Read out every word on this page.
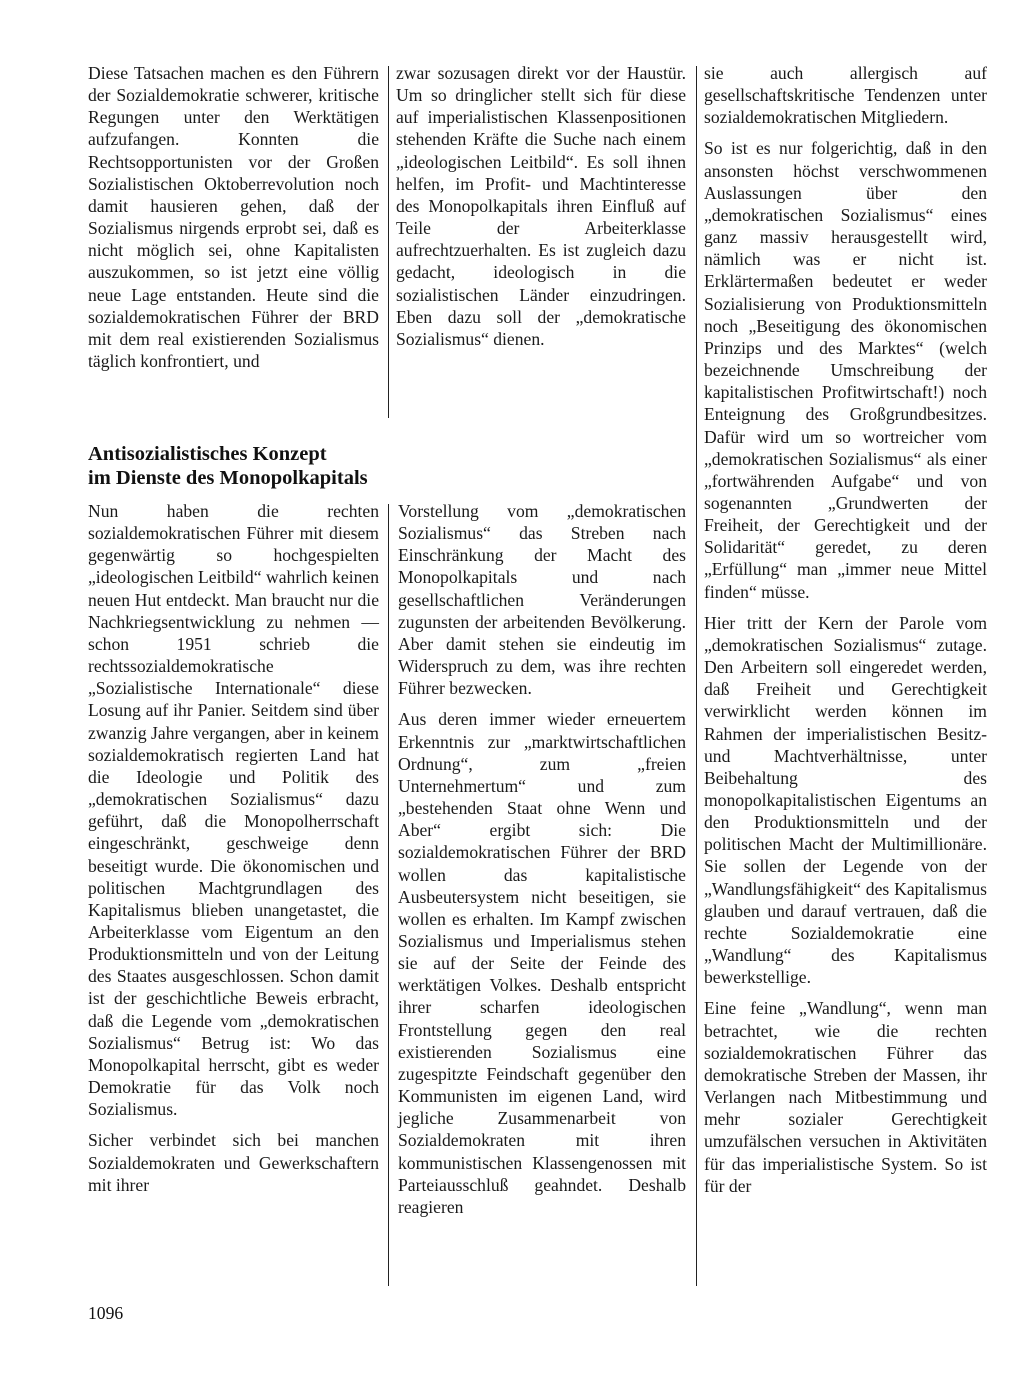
Diese Tatsachen machen es den Führern der Sozialdemokratie schwerer, kritische Regungen unter den Werktätigen aufzufangen. Konnten die Rechtsopportunisten vor der Großen Sozialistischen Oktoberrevolution noch damit hausieren gehen, daß der Sozialismus nirgends erprobt sei, daß es nicht möglich sei, ohne Kapitalisten auszukommen, so ist jetzt eine völlig neue Lage entstanden. Heute sind die sozialdemokratischen Führer der BRD mit dem real existierenden Sozialismus täglich konfrontiert, und

zwar sozusagen direkt vor der Haustür. Um so dringlicher stellt sich für diese auf imperialistischen Klassenpositionen stehenden Kräfte die Suche nach einem „ideologischen Leitbild“. Es soll ihnen helfen, im Profit- und Machtinteresse des Monopolkapitals ihren Einfluß auf Teile der Arbeiterklasse aufrechtzuerhalten. Es ist zugleich dazu gedacht, ideologisch in die sozialistischen Länder einzudringen. Eben dazu soll der „demokratische Sozialismus“ dienen.

sie auch allergisch auf gesellschaftskritische Tendenzen unter sozialdemokratischen Mitgliedern.

So ist es nur folgerichtig, daß in den ansonsten höchst verschwommenen Auslassungen über den „demokratischen Sozialismus“ eines ganz massiv herausgestellt wird, nämlich was er nicht ist. Erklärtermaßen bedeutet er weder Sozialisierung von Produktionsmitteln noch „Beseitigung des ökonomischen Prinzips und des Marktes“ (welch bezeichnende Umschreibung der kapitalistischen Profitwirtschaft!) noch Enteignung des Großgrundbesitzes. Dafür wird um so wortreicher vom „demokratischen Sozialismus“ als einer „fortwährenden Aufgabe“ und von sogenannten „Grundwerten der Freiheit, der Gerechtigkeit und der Solidarität“ geredet, zu deren „Erfüllung“ man „immer neue Mittel finden“ müsse.

Hier tritt der Kern der Parole vom „demokratischen Sozialismus“ zutage. Den Arbeitern soll eingeredet werden, daß Freiheit und Gerechtigkeit verwirklicht werden können im Rahmen der imperialistischen Besitz- und Machtverhältnisse, unter Beibehaltung des monopolkapitalistischen Eigentums an den Produktionsmitteln und der politischen Macht der Multimillionäre. Sie sollen der Legende von der „Wandlungsfähigkeit“ des Kapitalismus glauben und darauf vertrauen, daß die rechte Sozialdemokratie eine „Wandlung“ des Kapitalismus bewerkstellige.

Eine feine „Wandlung“, wenn man betrachtet, wie die rechten sozialdemokratischen Führer das demokratische Streben der Massen, ihr Verlangen nach Mitbestimmung und mehr sozialer Gerechtigkeit umzufälschen versuchen in Aktivitäten für das imperialistische System. So ist für der

Antisozialistisches Konzept
im Dienste des Monopolkapitals

Nun haben die rechten sozialdemokratischen Führer mit diesem gegenwärtig so hochgespielten „ideologischen Leitbild“ wahrlich keinen neuen Hut entdeckt. Man braucht nur die Nachkriegsentwicklung zu nehmen — schon 1951 schrieb die rechtssozialdemokratische „Sozialistische Internationale“ diese Losung auf ihr Panier. Seitdem sind über zwanzig Jahre vergangen, aber in keinem sozialdemokratisch regierten Land hat die Ideologie und Politik des „demokratischen Sozialismus“ dazu geführt, daß die Monopolherrschaft eingeschränkt, geschweige denn beseitigt wurde. Die ökonomischen und politischen Machtgrundlagen des Kapitalismus blieben unangetastet, die Arbeiterklasse vom Eigentum an den Produktionsmitteln und von der Leitung des Staates ausgeschlossen. Schon damit ist der geschichtliche Beweis erbracht, daß die Legende vom „demokratischen Sozialismus“ Betrug ist: Wo das Monopolkapital herrscht, gibt es weder Demokratie für das Volk noch Sozialismus.

Sicher verbindet sich bei manchen Sozialdemokraten und Gewerkschaftern mit ihrer

Vorstellung vom „demokratischen Sozialismus“ das Streben nach Einschränkung der Macht des Monopolkapitals und nach gesellschaftlichen Veränderungen zugunsten der arbeitenden Bevölkerung. Aber damit stehen sie eindeutig im Widerspruch zu dem, was ihre rechten Führer bezwecken.

Aus deren immer wieder erneuertem Erkenntnis zur „marktwirtschaftlichen Ordnung“, zum „freien Unternehmertum“ und zum „bestehenden Staat ohne Wenn und Aber“ ergibt sich: Die sozialdemokratischen Führer der BRD wollen das kapitalistische Ausbeutersystem nicht beseitigen, sie wollen es erhalten. Im Kampf zwischen Sozialismus und Imperialismus stehen sie auf der Seite der Feinde des werktätigen Volkes. Deshalb entspricht ihrer scharfen ideologischen Frontstellung gegen den real existierenden Sozialismus eine zugespitzte Feindschaft gegenüber den Kommunisten im eigenen Land, wird jegliche Zusammenarbeit von Sozialdemokraten mit ihren kommunistischen Klassengenossen mit Parteiausschluß geahndet. Deshalb reagieren

1096
